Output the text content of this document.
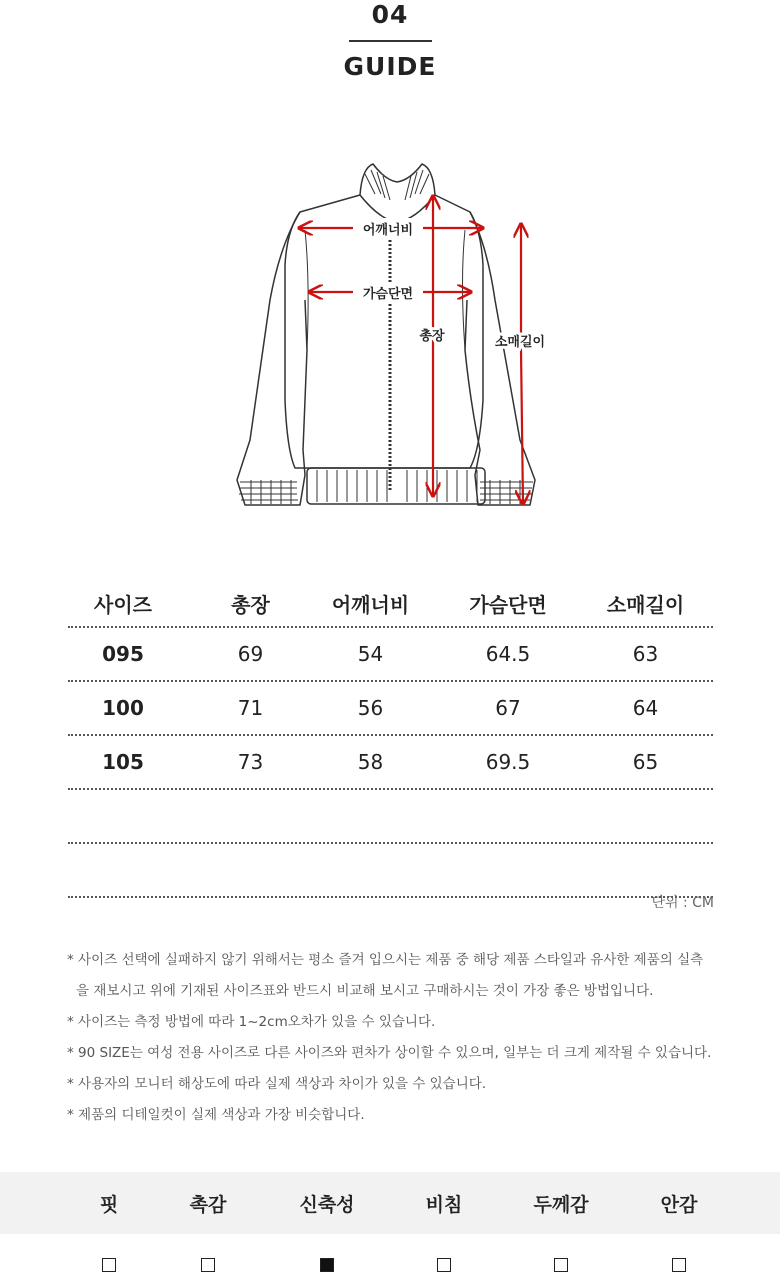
04
GUIDE
어깨너비
가슴단면
총장	소매길이
사이즈	총장	어깨너비	가슴단면	소매길이
095	69	54	64.5	63
100	71	56	67	64
105	73	58	69.5	65
단위 : CM
* 사이즈 선택에 실패하지 않기 위해서는 평소 즐겨 입으시는 제품 중 해당 제품 스타일과 유사한 제품의 실측
을 재보시고 위에 기재된 사이즈표와 반드시 비교해 보시고 구매하시는 것이 가장 좋은 방법입니다.
* 사이즈는 측정 방법에 따라 1~2cm오차가 있을 수 있습니다.
* 90 SIZE는 여성 전용 사이즈로 다른 사이즈와 편차가 상이할 수 있으며, 일부는 더 크게 제작될 수 있습니다.
* 사용자의 모니터 해상도에 따라 실제 색상과 차이가 있을 수 있습니다.
* 제품의 디테일컷이 실제 색상과 가장 비슷합니다.
핏	촉감	신축성	비침	두께감	안감
